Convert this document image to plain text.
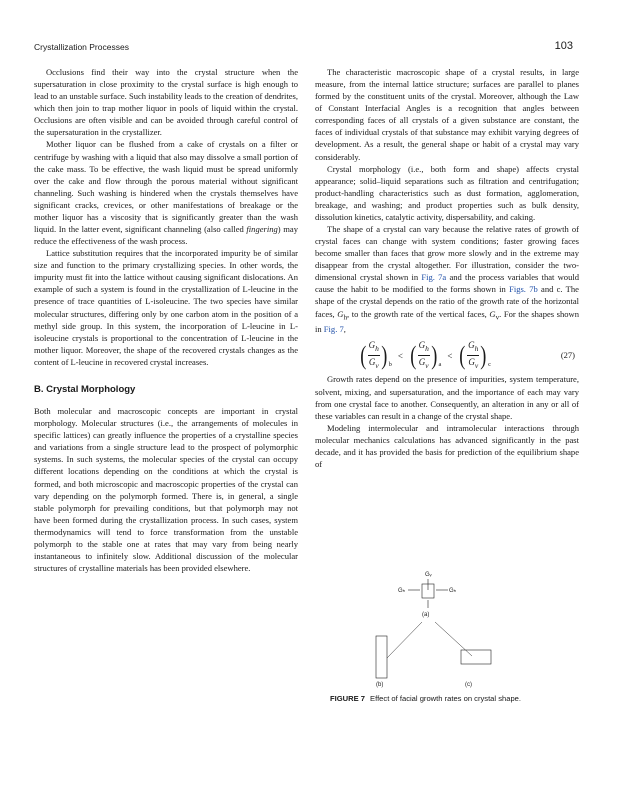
Crystallization Processes	103

Occlusions find their way into the crystal structure when the supersaturation in close proximity to the crystal surface is high enough to lead to an unstable surface. Such instability leads to the creation of dendrites, which then join to trap mother liquor in pools of liquid within the crystal. Occlusions are often visible and can be avoided through careful control of the supersaturation in the crystallizer.

Mother liquor can be flushed from a cake of crystals on a filter or centrifuge by washing with a liquid that also may dissolve a small portion of the cake mass. To be effective, the wash liquid must be spread uniformly over the cake and flow through the porous material without significant channeling. Such washing is hindered when the crystals themselves have significant cracks, crevices, or other manifestations of breakage or the mother liquor has a viscosity that is significantly greater than the wash liquid. In the latter event, significant channeling (also called fingering) may reduce the effectiveness of the wash process.

Lattice substitution requires that the incorporated impurity be of similar size and function to the primary crystallizing species. In other words, the impurity must fit into the lattice without causing significant dislocations. An example of such a system is found in the crystallization of L-leucine in the presence of trace quantities of L-isoleucine. The two species have similar molecular structures, differing only by one carbon atom in the position of a methyl side group. In this system, the incorporation of L-leucine in L-isoleucine crystals is proportional to the concentration of L-leucine in the mother liquor. Moreover, the shape of the recovered crystals changes as the content of L-leucine in recovered crystal increases.

B. Crystal Morphology

Both molecular and macroscopic concepts are important in crystal morphology. Molecular structures (i.e., the arrangements of molecules in specific lattices) can greatly influence the properties of a crystalline species and variations from a single structure lead to the prospect of polymorphic systems. In such systems, the molecular species of the crystal can occupy different locations depending on the conditions at which the crystal is formed, and both microscopic and macroscopic properties of the crystal can vary depending on the polymorph formed. There is, in general, a single stable polymorph for prevailing conditions, but that polymorph may not have been formed during the crystallization process. In such cases, system thermodynamics will tend to force transformation from the unstable polymorph to the stable one at rates that may vary from being nearly instantaneous to infinitely slow. Additional discussion of the molecular structures of crystalline materials has been provided elsewhere.

The characteristic macroscopic shape of a crystal results, in large measure, from the internal lattice structure; surfaces are parallel to planes formed by the constituent units of the crystal. Moreover, although the Law of Constant Interfacial Angles is a recognition that angles between corresponding faces of all crystals of a given substance are constant, the faces of individual crystals of that substance may exhibit varying degrees of development. As a result, the general shape or habit of a crystal may vary considerably.

Crystal morphology (i.e., both form and shape) affects crystal appearance; solid–liquid separations such as filtration and centrifugation; product-handling characteristics such as dust formation, agglomeration, breakage, and washing; and product properties such as bulk density, dissolution kinetics, catalytic activity, dispersability, and caking.

The shape of a crystal can vary because the relative rates of growth of crystal faces can change with system conditions; faster growing faces become smaller than faces that grow more slowly and in the extreme may disappear from the crystal altogether. For illustration, consider the two-dimensional crystal shown in Fig. 7a and the process variables that would cause the habit to be modified to the forms shown in Figs. 7b and c. The shape of the crystal depends on the ratio of the growth rate of the horizontal faces, $G_h$, to the growth rate of the vertical faces, $G_v$. For the shapes shown in Fig. 7,

( $\frac{G_h}{G_v}$ ) b
< ( $\frac{G_h}{G_v}$ ) a
< ( $\frac{G_h}{G_v}$ ) c
(27)

Growth rates depend on the presence of impurities, system temperature, solvent, mixing, and supersaturation, and the importance of each may vary from one crystal face to another. Consequently, an alteration in any or all of these variables can result in a change of the crystal shape.

Modeling intermolecular and intramolecular interactions through molecular mechanics calculations has advanced significantly in the past decade, and it has provided the basis for prediction of the equilibrium shape of

Gᵥ
Gₕ	Gₕ
(a)
(b)	(c)
FIGURE 7 Effect of facial growth rates on crystal shape.
